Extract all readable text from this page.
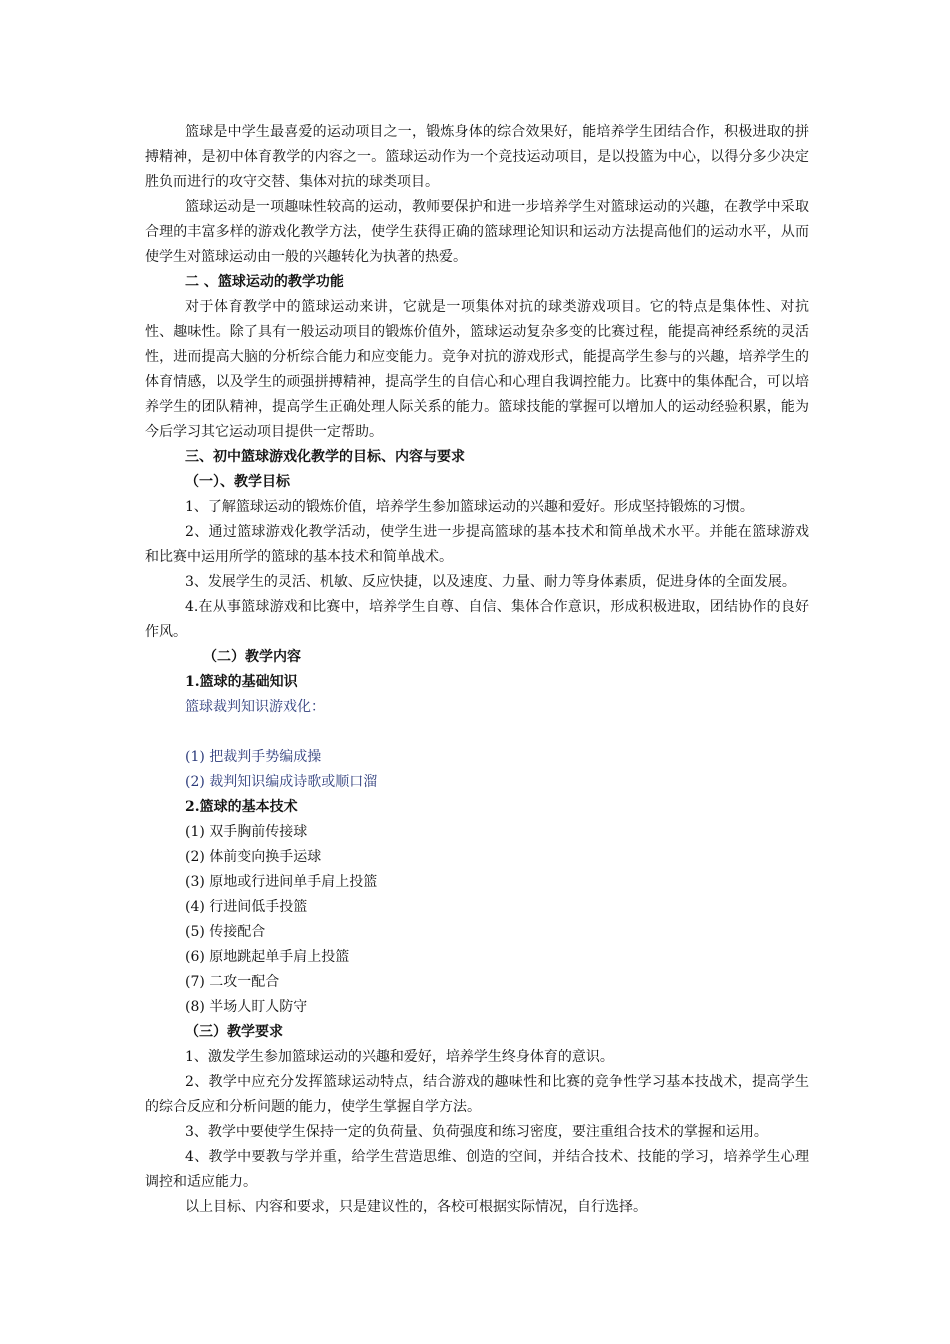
篮球是中学生最喜爱的运动项目之一，锻炼身体的综合效果好，能培养学生团结合作，积极进取的拼搏精神，是初中体育教学的内容之一。篮球运动作为一个竞技运动项目，是以投篮为中心，以得分多少决定胜负而进行的攻守交替、集体对抗的球类项目。
篮球运动是一项趣味性较高的运动，教师要保护和进一步培养学生对篮球运动的兴趣，在教学中采取合理的丰富多样的游戏化教学方法，使学生获得正确的篮球理论知识和运动方法提高他们的运动水平，从而使学生对篮球运动由一般的兴趣转化为执著的热爱。
二 、篮球运动的教学功能
对于体育教学中的篮球运动来讲，它就是一项集体对抗的球类游戏项目。它的特点是集体性、对抗性、趣味性。除了具有一般运动项目的锻炼价值外，篮球运动复杂多变的比赛过程，能提高神经系统的灵活性，进而提高大脑的分析综合能力和应变能力。竞争对抗的游戏形式，能提高学生参与的兴趣，培养学生的体育情感，以及学生的顽强拼搏精神，提高学生的自信心和心理自我调控能力。比赛中的集体配合，可以培养学生的团队精神，提高学生正确处理人际关系的能力。篮球技能的掌握可以增加人的运动经验积累，能为今后学习其它运动项目提供一定帮助。
三、初中篮球游戏化教学的目标、内容与要求
（一）、教学目标
1、了解篮球运动的锻炼价值，培养学生参加篮球运动的兴趣和爱好。形成坚持锻炼的习惯。
2、通过篮球游戏化教学活动，使学生进一步提高篮球的基本技术和简单战术水平。并能在篮球游戏和比赛中运用所学的篮球的基本技术和简单战术。
3、发展学生的灵活、机敏、反应快捷，以及速度、力量、耐力等身体素质，促进身体的全面发展。
4.在从事篮球游戏和比赛中，培养学生自尊、自信、集体合作意识，形成积极进取，团结协作的良好作风。
（二）教学内容
1.篮球的基础知识
篮球裁判知识游戏化：
(1) 把裁判手势编成操
(2) 裁判知识编成诗歌或顺口溜
2.篮球的基本技术
(1) 双手胸前传接球
(2) 体前变向换手运球
(3) 原地或行进间单手肩上投篮
(4) 行进间低手投篮
(5) 传接配合
(6) 原地跳起单手肩上投篮
(7) 二攻一配合
(8) 半场人盯人防守
（三）教学要求
1、激发学生参加篮球运动的兴趣和爱好，培养学生终身体育的意识。
2、教学中应充分发挥篮球运动特点，结合游戏的趣味性和比赛的竞争性学习基本技战术，提高学生的综合反应和分析问题的能力，使学生掌握自学方法。
3、教学中要使学生保持一定的负荷量、负荷强度和练习密度，要注重组合技术的掌握和运用。
4、教学中要教与学并重，给学生营造思维、创造的空间，并结合技术、技能的学习，培养学生心理调控和适应能力。
以上目标、内容和要求，只是建议性的，各校可根据实际情况，自行选择。
